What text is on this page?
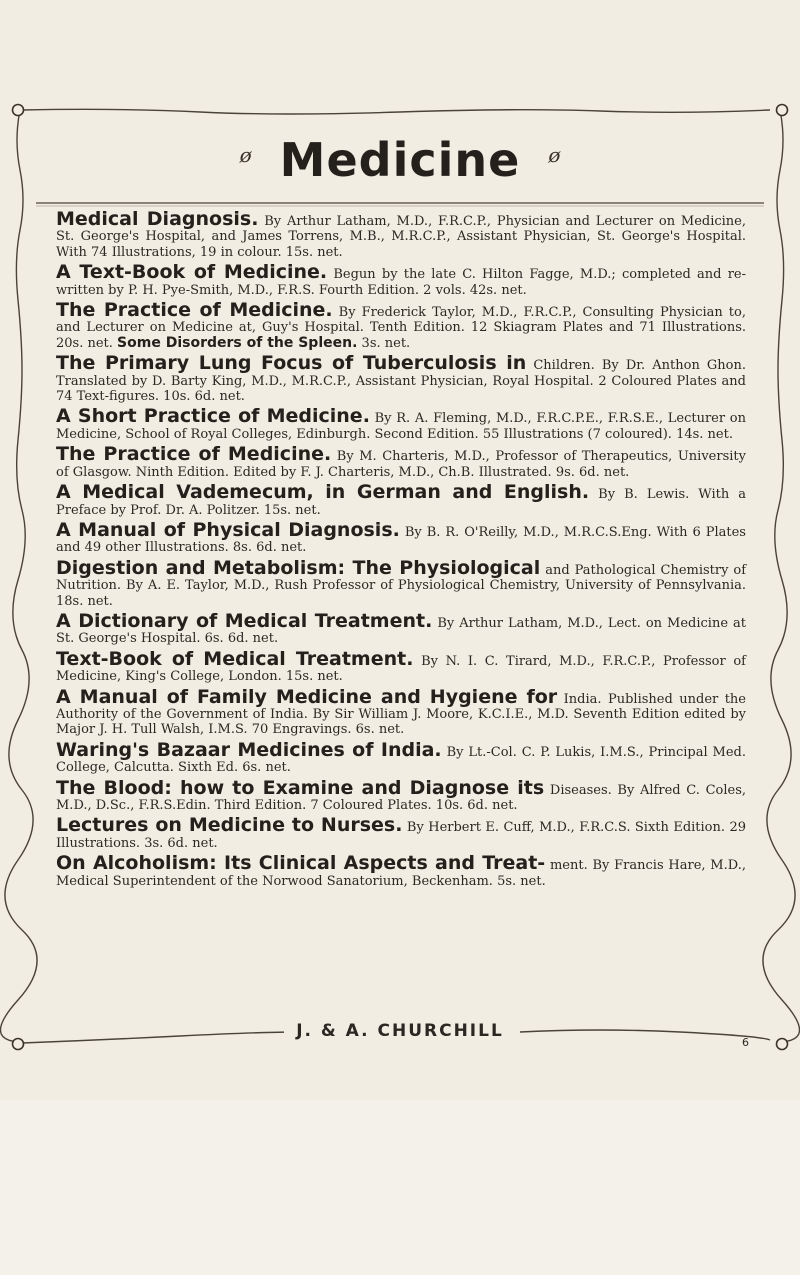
ø Medicine ø

Medical Diagnosis. By Arthur Latham, M.D., F.R.C.P., Physician and Lecturer on Medicine, St. George's Hospital, and James Torrens, M.B., M.R.C.P., Assistant Physician, St. George's Hospital. With 74 Illustrations, 19 in colour. 15s. net.

A Text-Book of Medicine. Begun by the late C. Hilton Fagge, M.D.; completed and re-written by P. H. Pye-Smith, M.D., F.R.S. Fourth Edition. 2 vols. 42s. net.

The Practice of Medicine. By Frederick Taylor, M.D., F.R.C.P., Consulting Physician to, and Lecturer on Medicine at, Guy's Hospital. Tenth Edition. 12 Skiagram Plates and 71 Illustrations. 20s. net. Some Disorders of the Spleen. 3s. net.

The Primary Lung Focus of Tuberculosis in Children. By Dr. Anthon Ghon. Translated by D. Barty King, M.D., M.R.C.P., Assistant Physician, Royal Hospital. 2 Coloured Plates and 74 Text-figures. 10s. 6d. net.

A Short Practice of Medicine. By R. A. Fleming, M.D., F.R.C.P.E., F.R.S.E., Lecturer on Medicine, School of Royal Colleges, Edinburgh. Second Edition. 55 Illustrations (7 coloured). 14s. net.

The Practice of Medicine. By M. Charteris, M.D., Professor of Therapeutics, University of Glasgow. Ninth Edition. Edited by F. J. Charteris, M.D., Ch.B. Illustrated. 9s. 6d. net.

A Medical Vademecum, in German and English. By B. Lewis. With a Preface by Prof. Dr. A. Politzer. 15s. net.

A Manual of Physical Diagnosis. By B. R. O'Reilly, M.D., M.R.C.S.Eng. With 6 Plates and 49 other Illustrations. 8s. 6d. net.

Digestion and Metabolism: The Physiological and Pathological Chemistry of Nutrition. By A. E. Taylor, M.D., Rush Professor of Physiological Chemistry, University of Pennsylvania. 18s. net.

A Dictionary of Medical Treatment. By Arthur Latham, M.D., Lect. on Medicine at St. George's Hospital. 6s. 6d. net.

Text-Book of Medical Treatment. By N. I. C. Tirard, M.D., F.R.C.P., Professor of Medicine, King's College, London. 15s. net.

A Manual of Family Medicine and Hygiene for India. Published under the Authority of the Government of India. By Sir William J. Moore, K.C.I.E., M.D. Seventh Edition edited by Major J. H. Tull Walsh, I.M.S. 70 Engravings. 6s. net.

Waring's Bazaar Medicines of India. By Lt.-Col. C. P. Lukis, I.M.S., Principal Med. College, Calcutta. Sixth Ed. 6s. net.

The Blood: how to Examine and Diagnose its Diseases. By Alfred C. Coles, M.D., D.Sc., F.R.S.Edin. Third Edition. 7 Coloured Plates. 10s. 6d. net.

Lectures on Medicine to Nurses. By Herbert E. Cuff, M.D., F.R.C.S. Sixth Edition. 29 Illustrations. 3s. 6d. net.

On Alcoholism: Its Clinical Aspects and Treat- ment. By Francis Hare, M.D., Medical Superintendent of the Norwood Sanatorium, Beckenham. 5s. net.

J. & A. CHURCHILL
6
